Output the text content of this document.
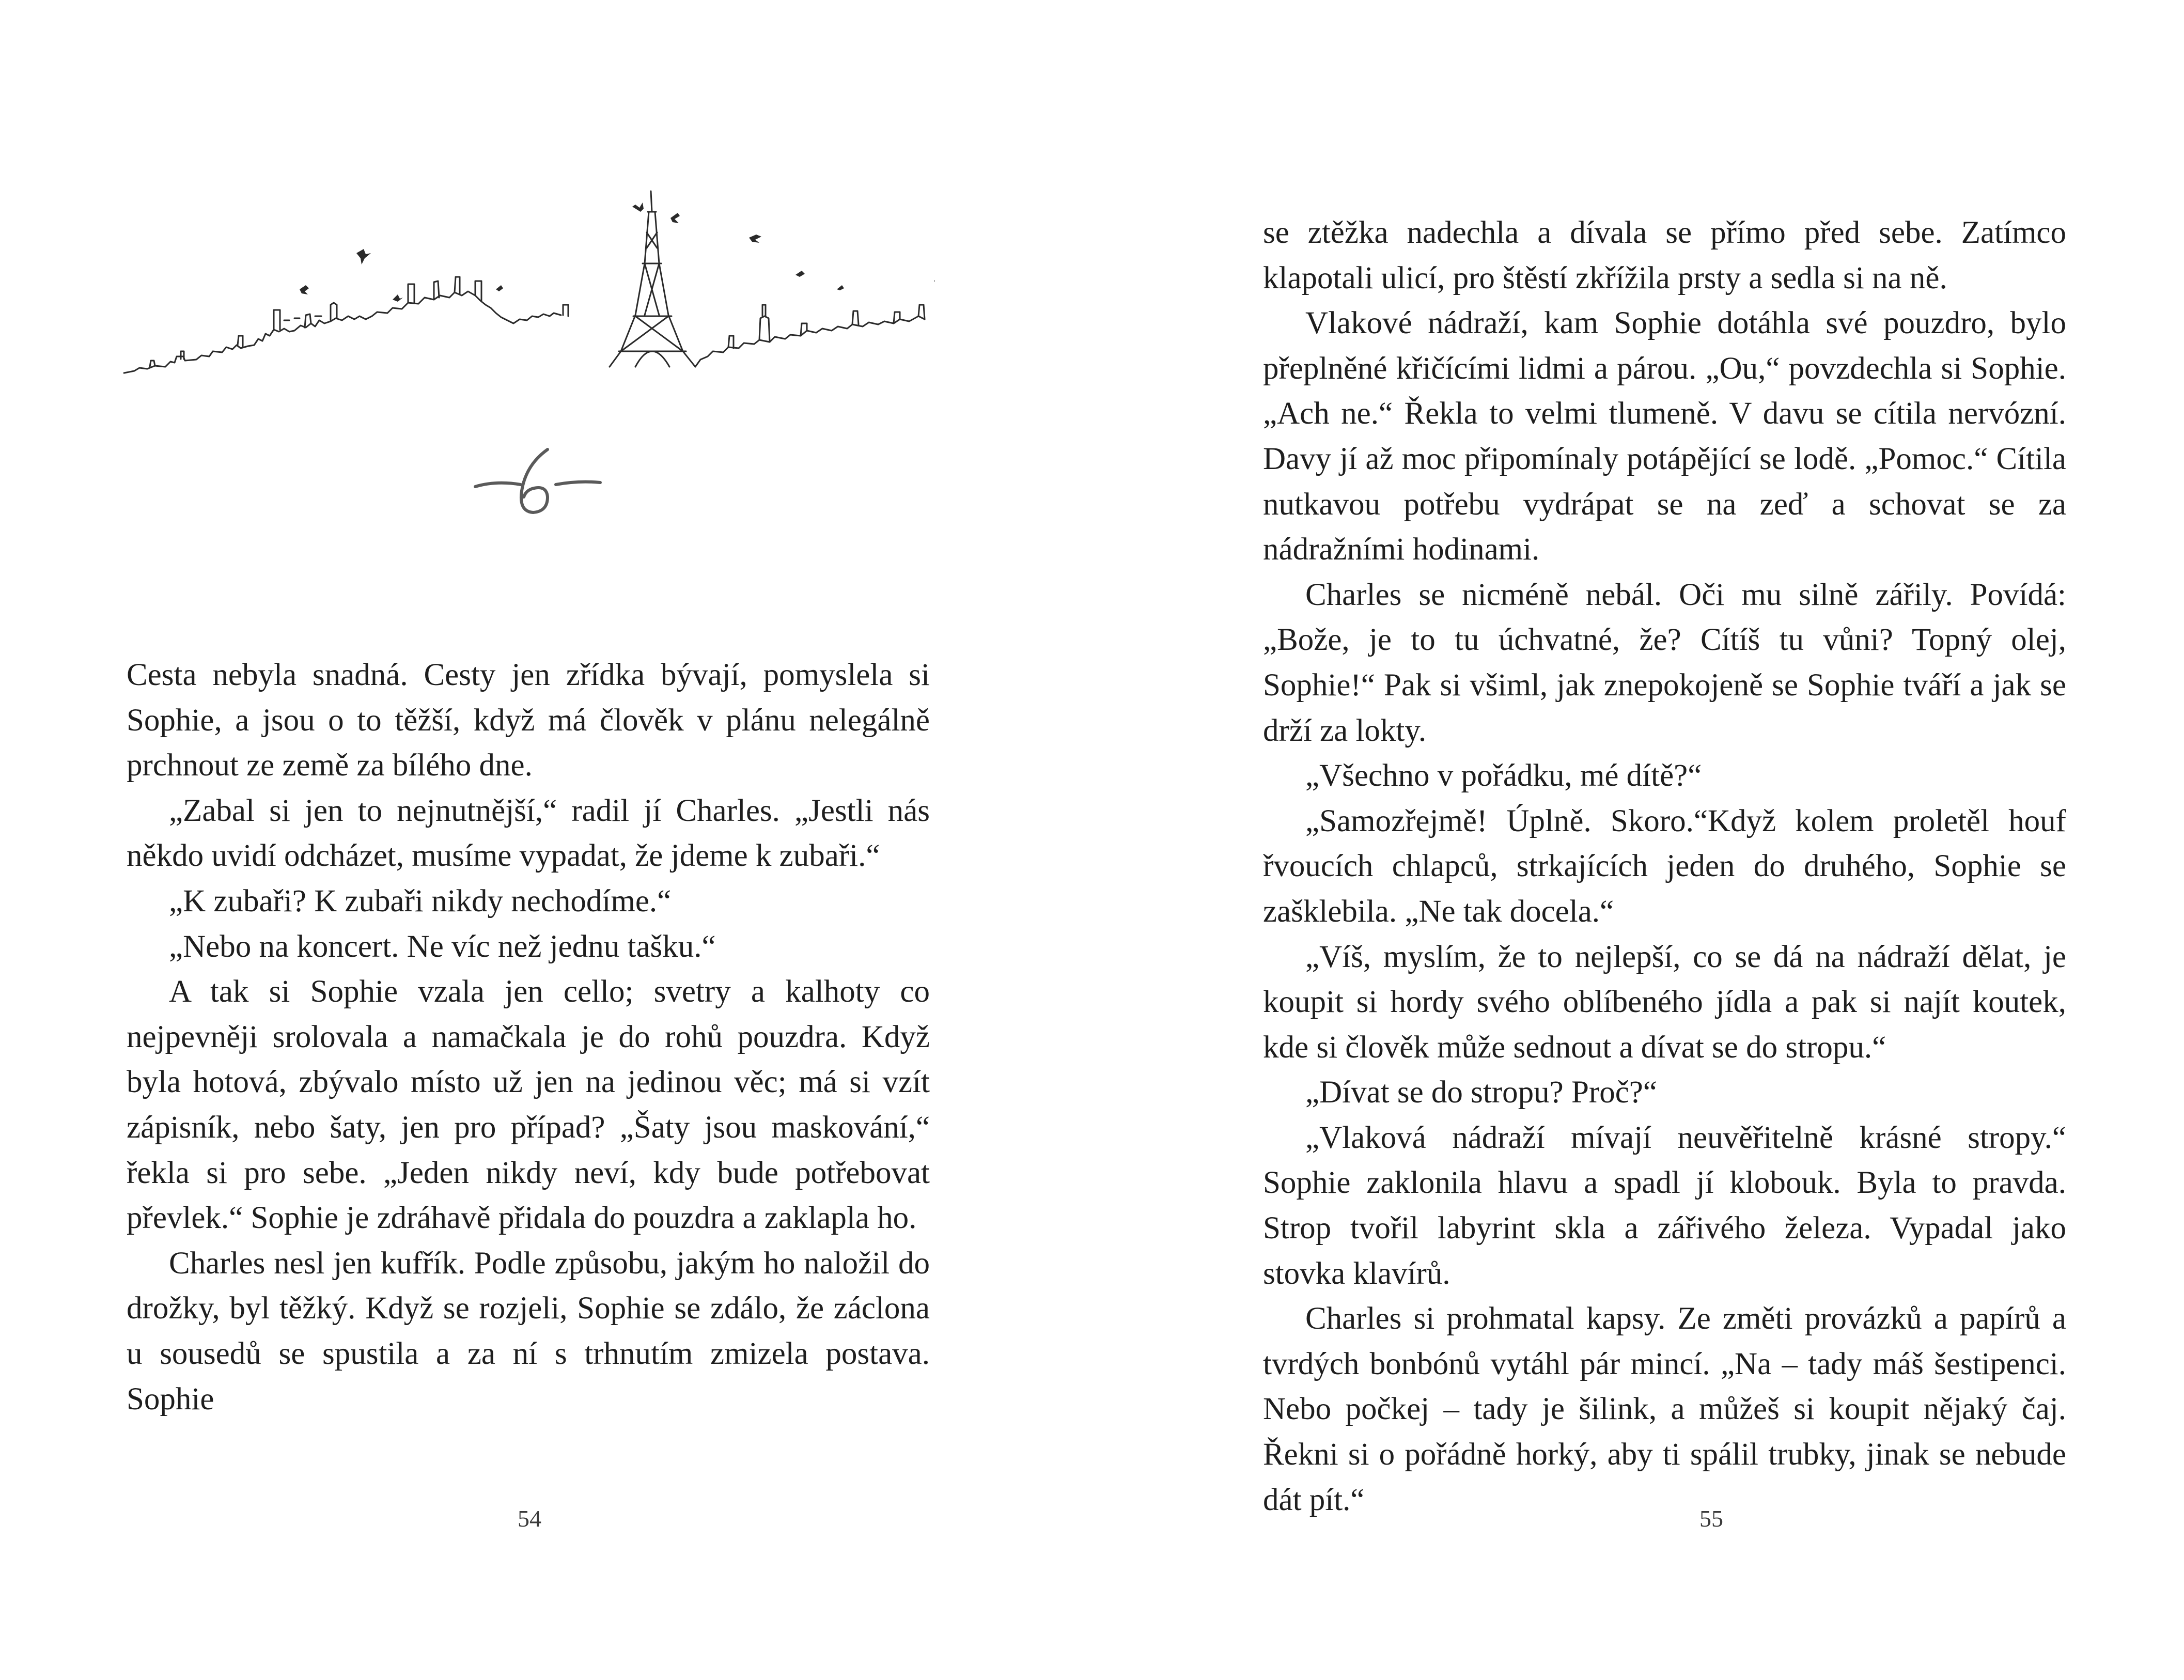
Cesta nebyla snadná. Cesty jen zřídka bývají, pomyslela si Sophie, a jsou o to těžší, když má člověk v plánu nelegálně prchnout ze země za bílého dne.

„Zabal si jen to nejnutnější,“ radil jí Charles. „Jestli nás někdo uvidí odcházet, musíme vypadat, že jdeme k zubaři.“

„K zubaři? K zubaři nikdy nechodíme.“

„Nebo na koncert. Ne víc než jednu tašku.“

A tak si Sophie vzala jen cello; svetry a kalhoty co nejpevněji srolovala a namačkala je do rohů pouzdra. Když byla hotová, zbývalo místo už jen na jedinou věc; má si vzít zápisník, nebo šaty, jen pro případ? „Šaty jsou maskování,“ řekla si pro sebe. „Jeden nikdy neví, kdy bude potřebovat převlek.“ Sophie je zdráhavě přidala do pouzdra a zaklapla ho.

Charles nesl jen kufřík. Podle způsobu, jakým ho naložil do drožky, byl těžký. Když se rozjeli, Sophie se zdálo, že záclona u sousedů se spustila a za ní s trhnutím zmizela postava. Sophie

54

se ztěžka nadechla a dívala se přímo před sebe. Zatímco klapotali ulicí, pro štěstí zkřížila prsty a sedla si na ně.

Vlakové nádraží, kam Sophie dotáhla své pouzdro, bylo přeplněné křičícími lidmi a párou. „Ou,“ povzdechla si Sophie. „Ach ne.“ Řekla to velmi tlumeně. V davu se cítila nervózní. Davy jí až moc připomínaly potápějící se lodě. „Pomoc.“ Cítila nutkavou potřebu vydrápat se na zeď a schovat se za nádražními hodinami.

Charles se nicméně nebál. Oči mu silně zářily. Povídá: „Bože, je to tu úchvatné, že? Cítíš tu vůni? Topný olej, Sophie!“ Pak si všiml, jak znepokojeně se Sophie tváří a jak se drží za lokty.

„Všechno v pořádku, mé dítě?“

„Samozřejmě! Úplně. Skoro.“Když kolem proletěl houf řvoucích chlapců, strkajících jeden do druhého, Sophie se zašklebila. „Ne tak docela.“

„Víš, myslím, že to nejlepší, co se dá na nádraží dělat, je koupit si hordy svého oblíbeného jídla a pak si najít koutek, kde si člověk může sednout a dívat se do stropu.“

„Dívat se do stropu? Proč?“

„Vlaková nádraží mívají neuvěřitelně krásné stropy.“ Sophie zaklonila hlavu a spadl jí klobouk. Byla to pravda. Strop tvořil labyrint skla a zářivého železa. Vypadal jako stovka klavírů.

Charles si prohmatal kapsy. Ze změti provázků a papírů a tvrdých bonbónů vytáhl pár mincí. „Na – tady máš šestipenci. Nebo počkej – tady je šilink, a můžeš si koupit nějaký čaj. Řekni si o pořádně horký, aby ti spálil trubky, jinak se nebude dát pít.“

55
